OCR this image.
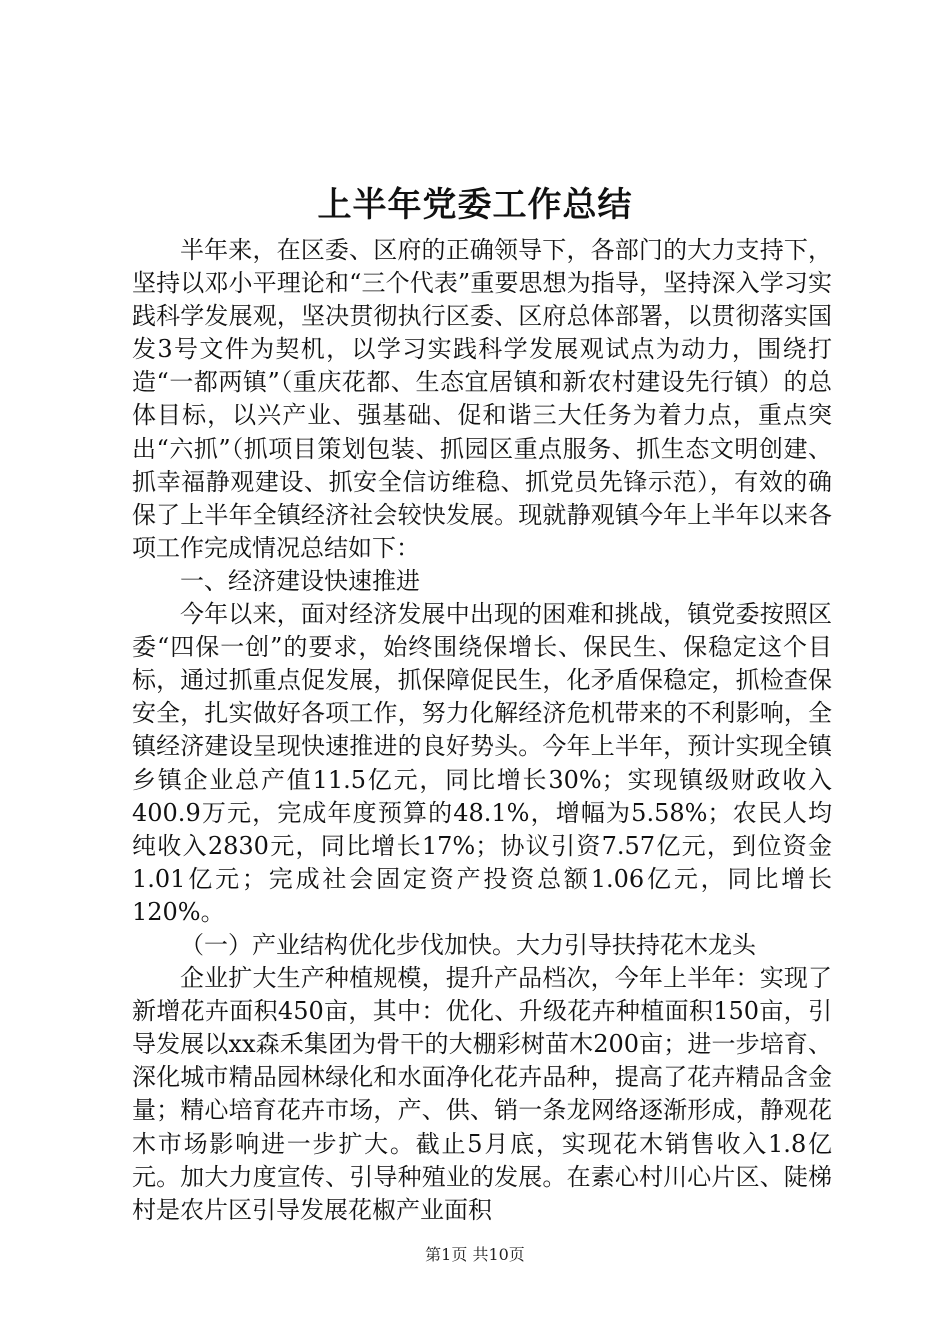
上半年党委工作总结

半年来，在区委、区府的正确领导下，各部门的大力支持下，坚持以邓小平理论和“三个代表”重要思想为指导，坚持深入学习实践科学发展观，坚决贯彻执行区委、区府总体部署，以贯彻落实国发3号文件为契机，以学习实践科学发展观试点为动力，围绕打造“一都两镇”（重庆花都、生态宜居镇和新农村建设先行镇）的总体目标，以兴产业、强基础、促和谐三大任务为着力点，重点突出“六抓”（抓项目策划包装、抓园区重点服务、抓生态文明创建、抓幸福静观建设、抓安全信访维稳、抓党员先锋示范），有效的确保了上半年全镇经济社会较快发展。现就静观镇今年上半年以来各项工作完成情况总结如下：

一、经济建设快速推进

今年以来，面对经济发展中出现的困难和挑战，镇党委按照区委“四保一创”的要求，始终围绕保增长、保民生、保稳定这个目标，通过抓重点促发展，抓保障促民生，化矛盾保稳定，抓检查保安全，扎实做好各项工作，努力化解经济危机带来的不利影响，全镇经济建设呈现快速推进的良好势头。今年上半年，预计实现全镇乡镇企业总产值11.5亿元，同比增长30%；实现镇级财政收入400.9万元，完成年度预算的48.1%，增幅为5.58%；农民人均纯收入2830元，同比增长17%；协议引资7.57亿元，到位资金1.01亿元；完成社会固定资产投资总额1.06亿元，同比增长120%。

（一）产业结构优化步伐加快。大力引导扶持花木龙头

企业扩大生产种植规模，提升产品档次，今年上半年：实现了新增花卉面积450亩，其中：优化、升级花卉种植面积150亩，引导发展以xx森禾集团为骨干的大棚彩树苗木200亩；进一步培育、深化城市精品园林绿化和水面净化花卉品种，提高了花卉精品含金量；精心培育花卉市场，产、供、销一条龙网络逐渐形成，静观花木市场影响进一步扩大。截止5月底，实现花木销售收入1.8亿元。加大力度宣传、引导种殖业的发展。在素心村川心片区、陡梯村是农片区引导发展花椒产业面积

第1页 共10页
